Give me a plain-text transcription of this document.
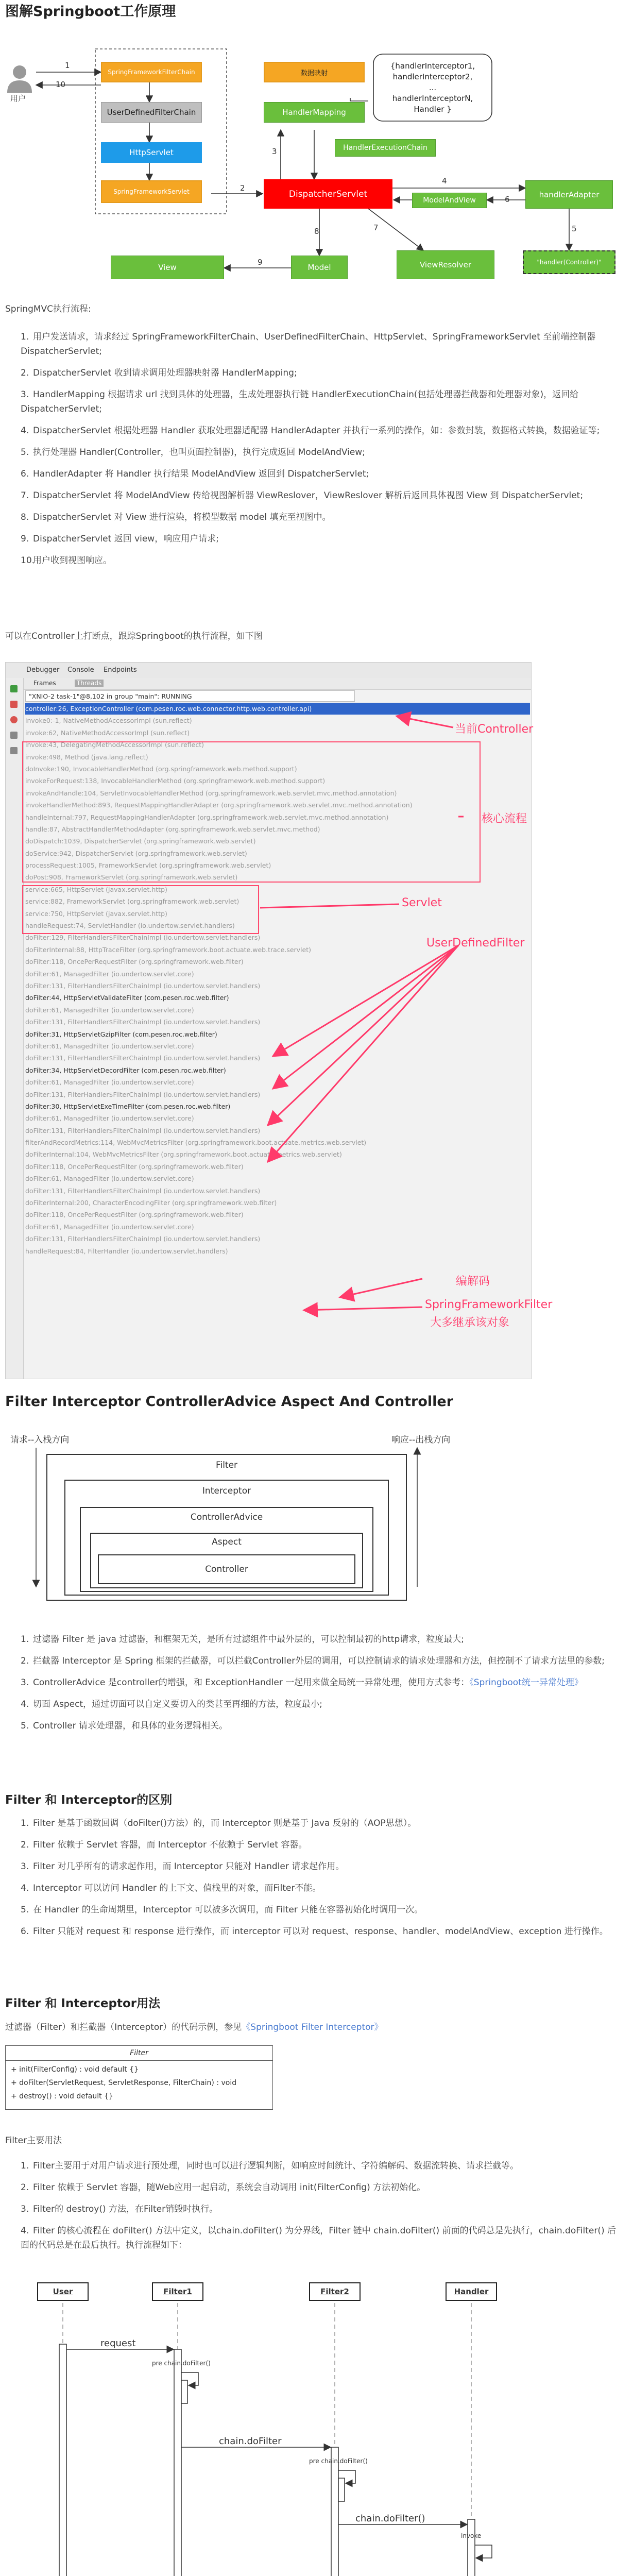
图解Springboot工作原理
用户
1
10
2
3
4
5
6
7
8
9
SpringFrameworkFilterChain
UserDefinedFilterChain
HttpServlet
SpringFrameworkServlet
数据映射
HandlerMapping
HandlerExecutionChain
{handlerInterceptor1,
handlerInterceptor2,
...
handlerInterceptorN,
Handler }
DispatcherServlet	handlerAdapter
ModelAndView
"handler(Controller)"
View	Model	ViewResolver
SpringMVC执行流程:
1. 用户发送请求，请求经过 SpringFrameworkFilterChain、UserDefinedFilterChain、HttpServlet、SpringFrameworkServlet 至前端控制器 DispatcherServlet;
2. DispatcherServlet 收到请求调用处理器映射器 HandlerMapping;
3. HandlerMapping 根据请求 url 找到具体的处理器，生成处理器执行链 HandlerExecutionChain(包括处理器拦截器和处理器对象)，返回给 DispatcherServlet;
4. DispatcherServlet 根据处理器 Handler 获取处理器适配器 HandlerAdapter 并执行一系列的操作，如：参数封装，数据格式转换，数据验证等;
5. 执行处理器 Handler(Controller，也叫页面控制器)，执行完成返回 ModelAndView;
6. HandlerAdapter 将 Handler 执行结果 ModelAndView 返回到 DispatcherServlet;
7. DispatcherServlet 将 ModelAndView 传给视图解析器 ViewReslover，ViewReslover 解析后返回具体视图 View 到 DispatcherServlet;
8. DispatcherServlet 对 View 进行渲染，将模型数据 model 填充至视图中。
9. DispatcherServlet 返回 view，响应用户请求;
10.用户收到视图响应。
可以在Controller上打断点，跟踪Springboot的执行流程，如下图
Debugger Console Endpoints
Frames	Threads
"XNIO-2 task-1"@8,102 in group "main": RUNNING
controller:26, ExceptionController (com.pesen.roc.web.connector.http.web.controller.api)
invoke0:-1, NativeMethodAccessorImpl (sun.reflect)
invoke:62, NativeMethodAccessorImpl (sun.reflect)
invoke:43, DelegatingMethodAccessorImpl (sun.reflect)
invoke:498, Method (java.lang.reflect)
doInvoke:190, InvocableHandlerMethod (org.springframework.web.method.support)
invokeForRequest:138, InvocableHandlerMethod (org.springframework.web.method.support)
invokeAndHandle:104, ServletInvocableHandlerMethod (org.springframework.web.servlet.mvc.method.annotation)
invokeHandlerMethod:893, RequestMappingHandlerAdapter (org.springframework.web.servlet.mvc.method.annotation)
handleInternal:797, RequestMappingHandlerAdapter (org.springframework.web.servlet.mvc.method.annotation)
handle:87, AbstractHandlerMethodAdapter (org.springframework.web.servlet.mvc.method)
doDispatch:1039, DispatcherServlet (org.springframework.web.servlet)
doService:942, DispatcherServlet (org.springframework.web.servlet)
processRequest:1005, FrameworkServlet (org.springframework.web.servlet)
doPost:908, FrameworkServlet (org.springframework.web.servlet)
service:665, HttpServlet (javax.servlet.http)
service:882, FrameworkServlet (org.springframework.web.servlet)
service:750, HttpServlet (javax.servlet.http)
handleRequest:74, ServletHandler (io.undertow.servlet.handlers)
doFilter:129, FilterHandler$FilterChainImpl (io.undertow.servlet.handlers)
doFilterInternal:88, HttpTraceFilter (org.springframework.boot.actuate.web.trace.servlet)
doFilter:118, OncePerRequestFilter (org.springframework.web.filter)
doFilter:61, ManagedFilter (io.undertow.servlet.core)
doFilter:131, FilterHandler$FilterChainImpl (io.undertow.servlet.handlers)
doFilter:44, HttpServletValidateFilter (com.pesen.roc.web.filter)
doFilter:61, ManagedFilter (io.undertow.servlet.core)
doFilter:131, FilterHandler$FilterChainImpl (io.undertow.servlet.handlers)
doFilter:31, HttpServletGzipFilter (com.pesen.roc.web.filter)
doFilter:61, ManagedFilter (io.undertow.servlet.core)
doFilter:131, FilterHandler$FilterChainImpl (io.undertow.servlet.handlers)
doFilter:34, HttpServletDecordFilter (com.pesen.roc.web.filter)
doFilter:61, ManagedFilter (io.undertow.servlet.core)
doFilter:131, FilterHandler$FilterChainImpl (io.undertow.servlet.handlers)
doFilter:30, HttpServletExeTimeFilter (com.pesen.roc.web.filter)
doFilter:61, ManagedFilter (io.undertow.servlet.core)
doFilter:131, FilterHandler$FilterChainImpl (io.undertow.servlet.handlers)
filterAndRecordMetrics:114, WebMvcMetricsFilter (org.springframework.boot.actuate.metrics.web.servlet)
doFilterInternal:104, WebMvcMetricsFilter (org.springframework.boot.actuate.metrics.web.servlet)
doFilter:118, OncePerRequestFilter (org.springframework.web.filter)
doFilter:61, ManagedFilter (io.undertow.servlet.core)
doFilter:131, FilterHandler$FilterChainImpl (io.undertow.servlet.handlers)
doFilterInternal:200, CharacterEncodingFilter (org.springframework.web.filter)
doFilter:118, OncePerRequestFilter (org.springframework.web.filter)
doFilter:61, ManagedFilter (io.undertow.servlet.core)
doFilter:131, FilterHandler$FilterChainImpl (io.undertow.servlet.handlers)
handleRequest:84, FilterHandler (io.undertow.servlet.handlers)
当前Controller
核心流程
Servlet
UserDefinedFilter
编解码
SpringFrameworkFilter
大多继承该对象
Filter Interceptor ControllerAdvice Aspect And Controller
请求--入栈方向	响应--出栈方向
Filter
Interceptor
ControllerAdvice
Aspect
Controller
1. 过滤器 Filter 是 java 过滤器，和框架无关，是所有过滤组件中最外层的，可以控制最初的http请求，粒度最大;
2. 拦截器 Interceptor 是 Spring 框架的拦截器，可以拦截Controller外层的调用，可以控制请求的请求处理器和方法，但控制不了请求方法里的参数;
3. ControllerAdvice 是controller的增强，和 ExceptionHandler 一起用来做全局统一异常处理，使用方式参考：《Springboot统一异常处理》
4. 切面 Aspect，通过切面可以自定义要切入的类甚至再细的方法，粒度最小;
5. Controller 请求处理器，和具体的业务逻辑相关。
Filter 和 Interceptor的区别
1. Filter 是基于函数回调（doFilter()方法）的，而 Interceptor 则是基于 Java 反射的（AOP思想）。
2. Filter 依赖于 Servlet 容器，而 Interceptor 不依赖于 Servlet 容器。
3. Filter 对几乎所有的请求起作用，而 Interceptor 只能对 Handler 请求起作用。
4. Interceptor 可以访问 Handler 的上下文、值栈里的对象，而Filter不能。
5. 在 Handler 的生命周期里，Interceptor 可以被多次调用，而 Filter 只能在容器初始化时调用一次。
6. Filter 只能对 request 和 response 进行操作，而 interceptor 可以对 request、response、handler、modelAndView、exception 进行操作。
Filter 和 Interceptor用法
过滤器（Filter）和拦截器（Interceptor）的代码示例，参见《Springboot Filter Interceptor》
Filter
+ init(FilterConfig) : void default {}
+ doFilter(ServletRequest, ServletResponse, FilterChain) : void
+ destroy() : void default {}
Filter主要用法
1. Filter主要用于对用户请求进行预处理，同时也可以进行逻辑判断，如响应时间统计、字符编解码、数据流转换、请求拦截等。
2. Filter 依赖于 Servlet 容器，随Web应用一起启动，系统会自动调用 init(FilterConfig) 方法初始化。
3. Filter的 destroy() 方法，在Filter销毁时执行。
4. Filter 的核心流程在 doFilter() 方法中定义，以chain.doFilter() 为分界线，Filter 链中 chain.doFilter() 前面的代码总是先执行，chain.doFilter() 后面的代码总是在最后执行。执行流程如下：
User	Filter1	Filter2	Handler
request
pre chain.doFilter()
chain.doFilter
pre chain.doFilter()
chain.doFilter()
invoke
